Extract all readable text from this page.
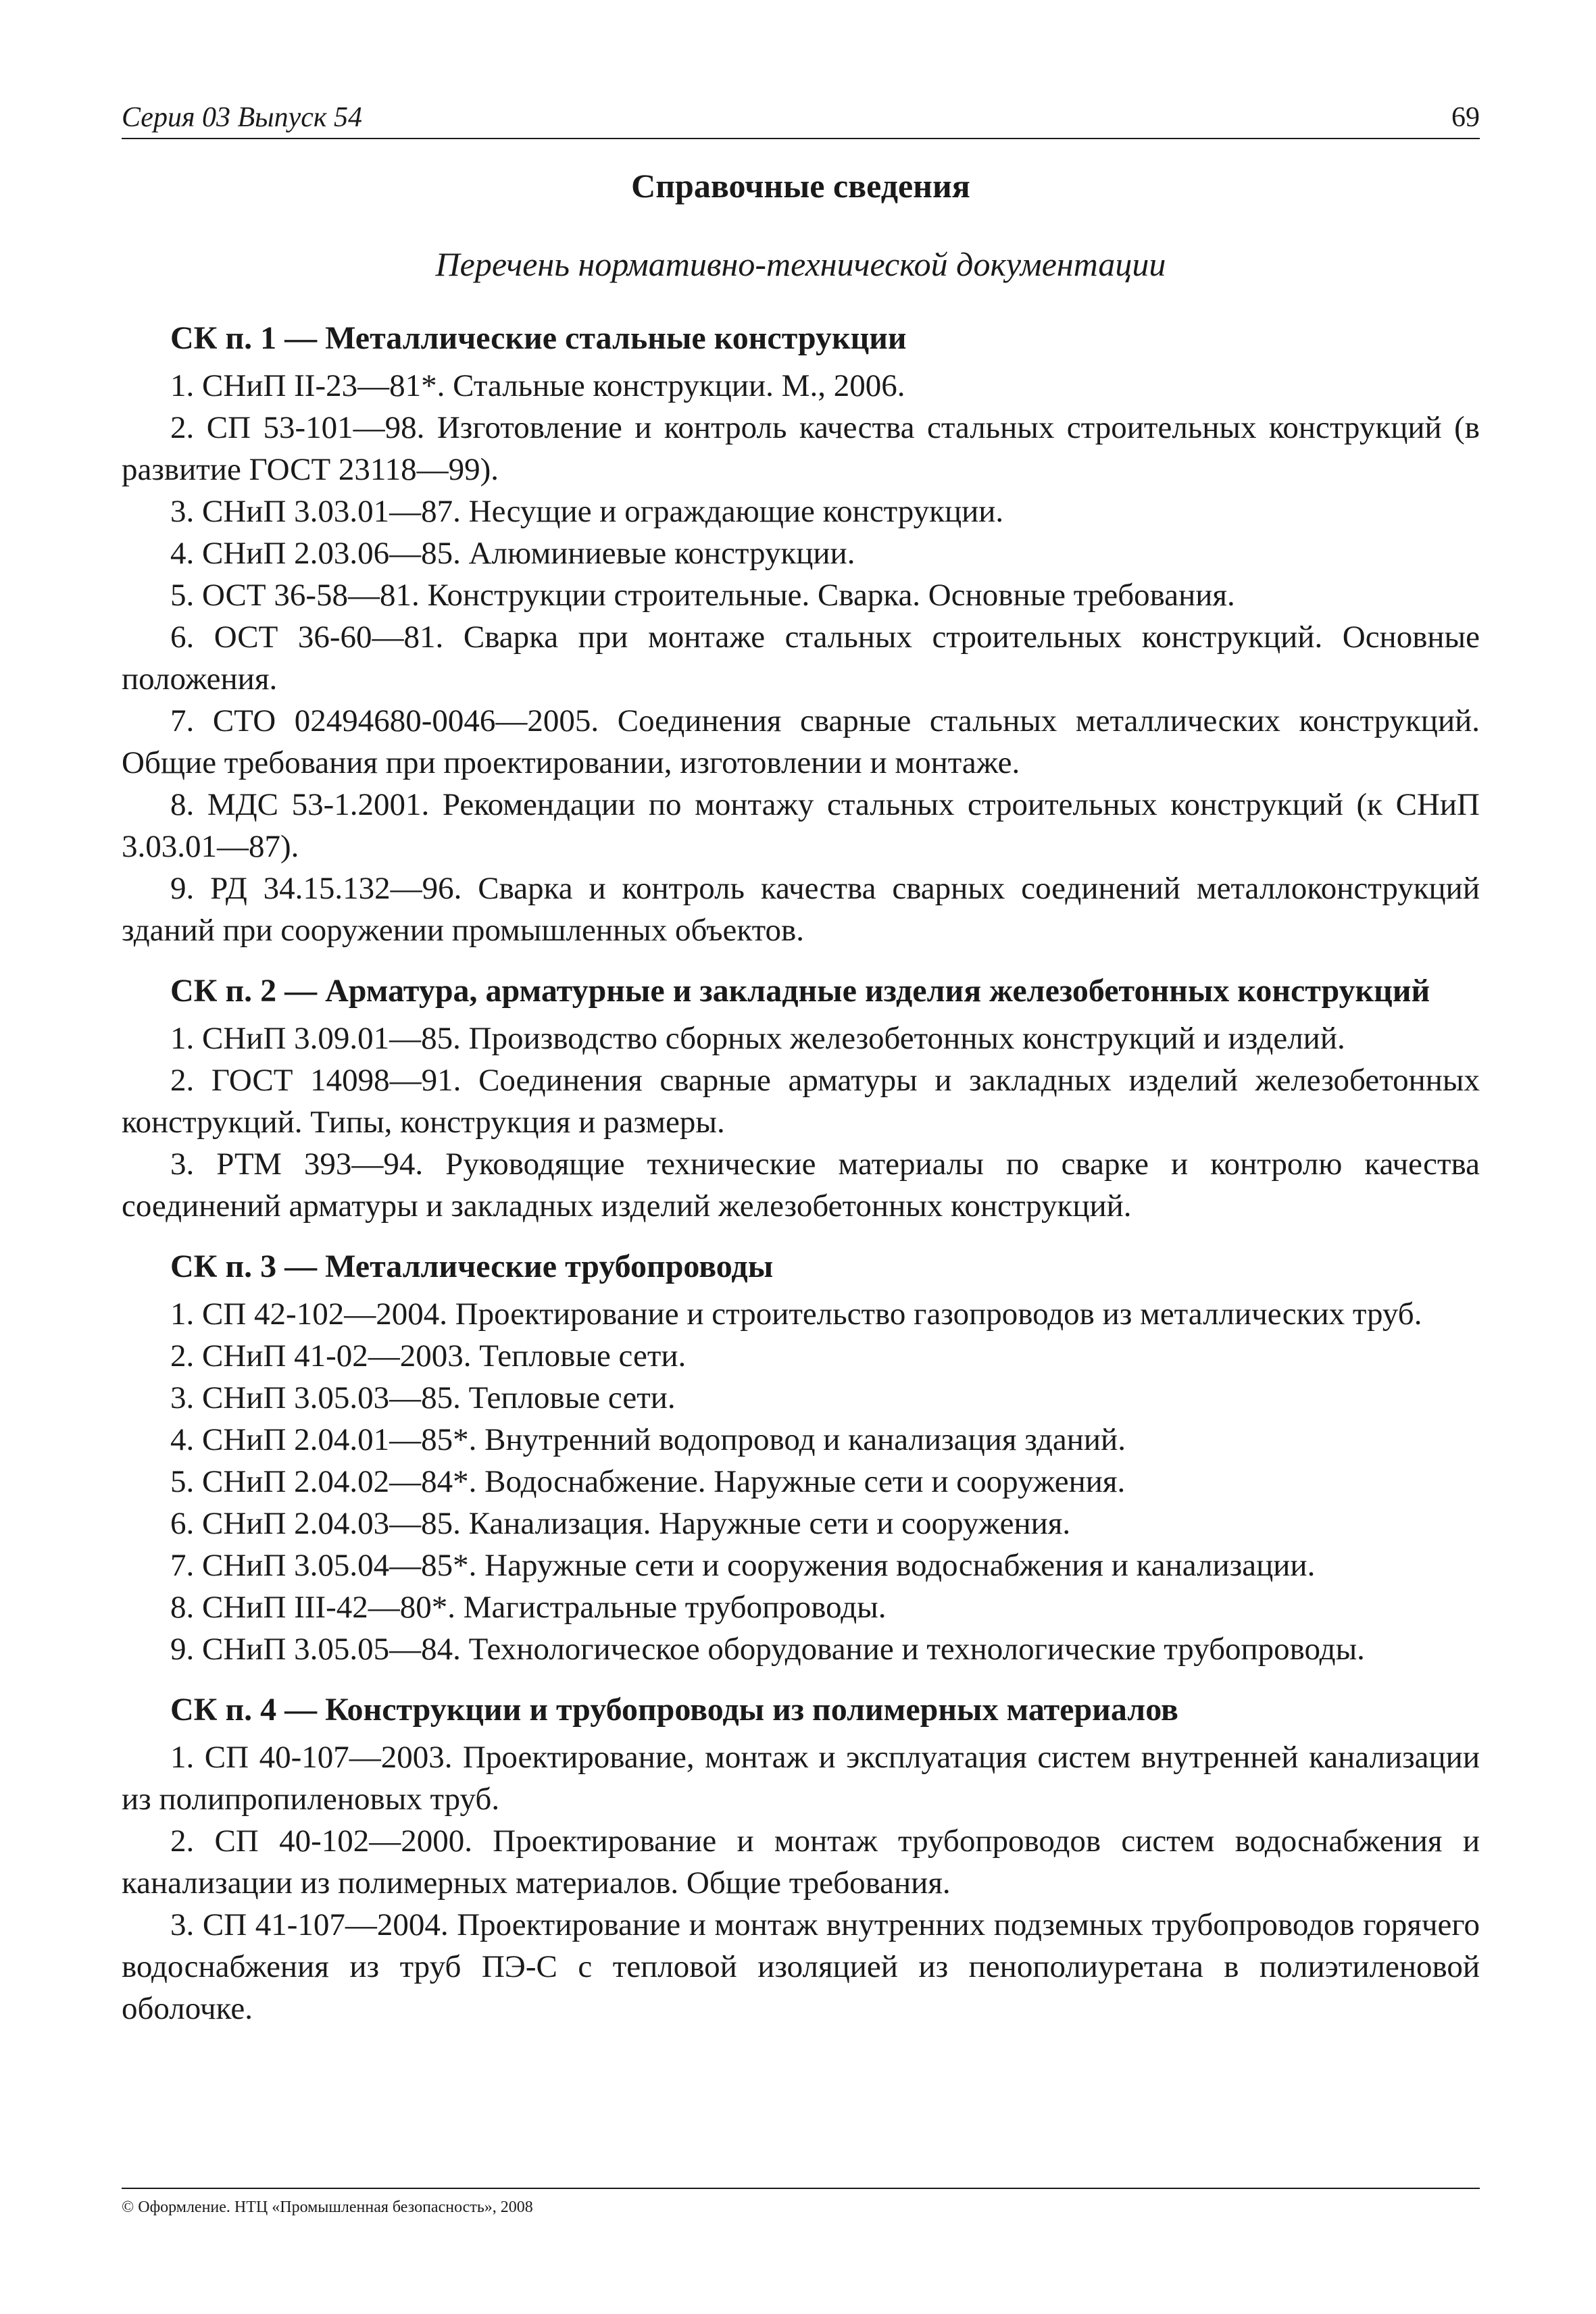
Серия 03 Выпуск 54	69
Справочные сведения
Перечень нормативно-технической документации
СК п. 1 — Металлические стальные конструкции

1. СНиП II-23—81*. Стальные конструкции. М., 2006.

2. СП 53-101—98. Изготовление и контроль качества стальных строительных конструкций (в развитие ГОСТ 23118—99).

3. СНиП 3.03.01—87. Несущие и ограждающие конструкции.

4. СНиП 2.03.06—85. Алюминиевые конструкции.

5. ОСТ 36-58—81. Конструкции строительные. Сварка. Основные требования.

6. ОСТ 36-60—81. Сварка при монтаже стальных строительных конструкций. Основные положения.

7. СТО 02494680-0046—2005. Соединения сварные стальных металлических конструкций. Общие требования при проектировании, изготовлении и монтаже.

8. МДС 53-1.2001. Рекомендации по монтажу стальных строительных конструкций (к СНиП 3.03.01—87).

9. РД 34.15.132—96. Сварка и контроль качества сварных соединений металлоконструкций зданий при сооружении промышленных объектов.

СК п. 2 — Арматура, арматурные и закладные изделия железобетонных конструкций

1. СНиП 3.09.01—85. Производство сборных железобетонных конструкций и изделий.

2. ГОСТ 14098—91. Соединения сварные арматуры и закладных изделий железобетонных конструкций. Типы, конструкция и размеры.

3. РТМ 393—94. Руководящие технические материалы по сварке и контролю качества соединений арматуры и закладных изделий железобетонных конструкций.

СК п. 3 — Металлические трубопроводы

1. СП 42-102—2004. Проектирование и строительство газопроводов из металлических труб.

2. СНиП 41-02—2003. Тепловые сети.

3. СНиП 3.05.03—85. Тепловые сети.

4. СНиП 2.04.01—85*. Внутренний водопровод и канализация зданий.

5. СНиП 2.04.02—84*. Водоснабжение. Наружные сети и сооружения.

6. СНиП 2.04.03—85. Канализация. Наружные сети и сооружения.

7. СНиП 3.05.04—85*. Наружные сети и сооружения водоснабжения и канализации.

8. СНиП III-42—80*. Магистральные трубопроводы.

9. СНиП 3.05.05—84. Технологическое оборудование и технологические трубопроводы.

СК п. 4 — Конструкции и трубопроводы из полимерных материалов

1. СП 40-107—2003. Проектирование, монтаж и эксплуатация систем внутренней канализации из полипропиленовых труб.

2. СП 40-102—2000. Проектирование и монтаж трубопроводов систем водоснабжения и канализации из полимерных материалов. Общие требования.

3. СП 41-107—2004. Проектирование и монтаж внутренних подземных трубопроводов горячего водоснабжения из труб ПЭ-С с тепловой изоляцией из пенополиуретана в полиэтиленовой оболочке.

© Оформление. НТЦ «Промышленная безопасность», 2008
